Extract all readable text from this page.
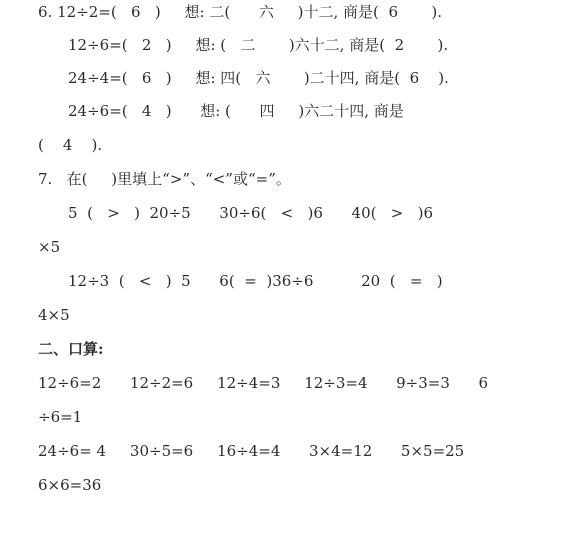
6. 12÷2=(   6   )     想: 二(      六     )十二, 商是(  6       ).
12÷6=(   2   )     想: (   二       )六十二, 商是(  2       ).
24÷4=(   6   )     想: 四(   六       )二十四, 商是(  6    ).
24÷6=(   4   )      想: (      四     )六二十四, 商是
(    4    ).
7.   在(     )里填上“>”、“<”或“=”。
5  (   >   )  20÷5      30÷6(   <   )6      40(   >   )6
×5
12÷3  (   <   )  5      6(  =  )36÷6          20  (   =   )
4×5
二、口算:
12÷6=2      12÷2=6     12÷4=3     12÷3=4      9÷3=3      6
÷6=1
24÷6= 4     30÷5=6     16÷4=4      3×4=12      5×5=25
6×6=36
